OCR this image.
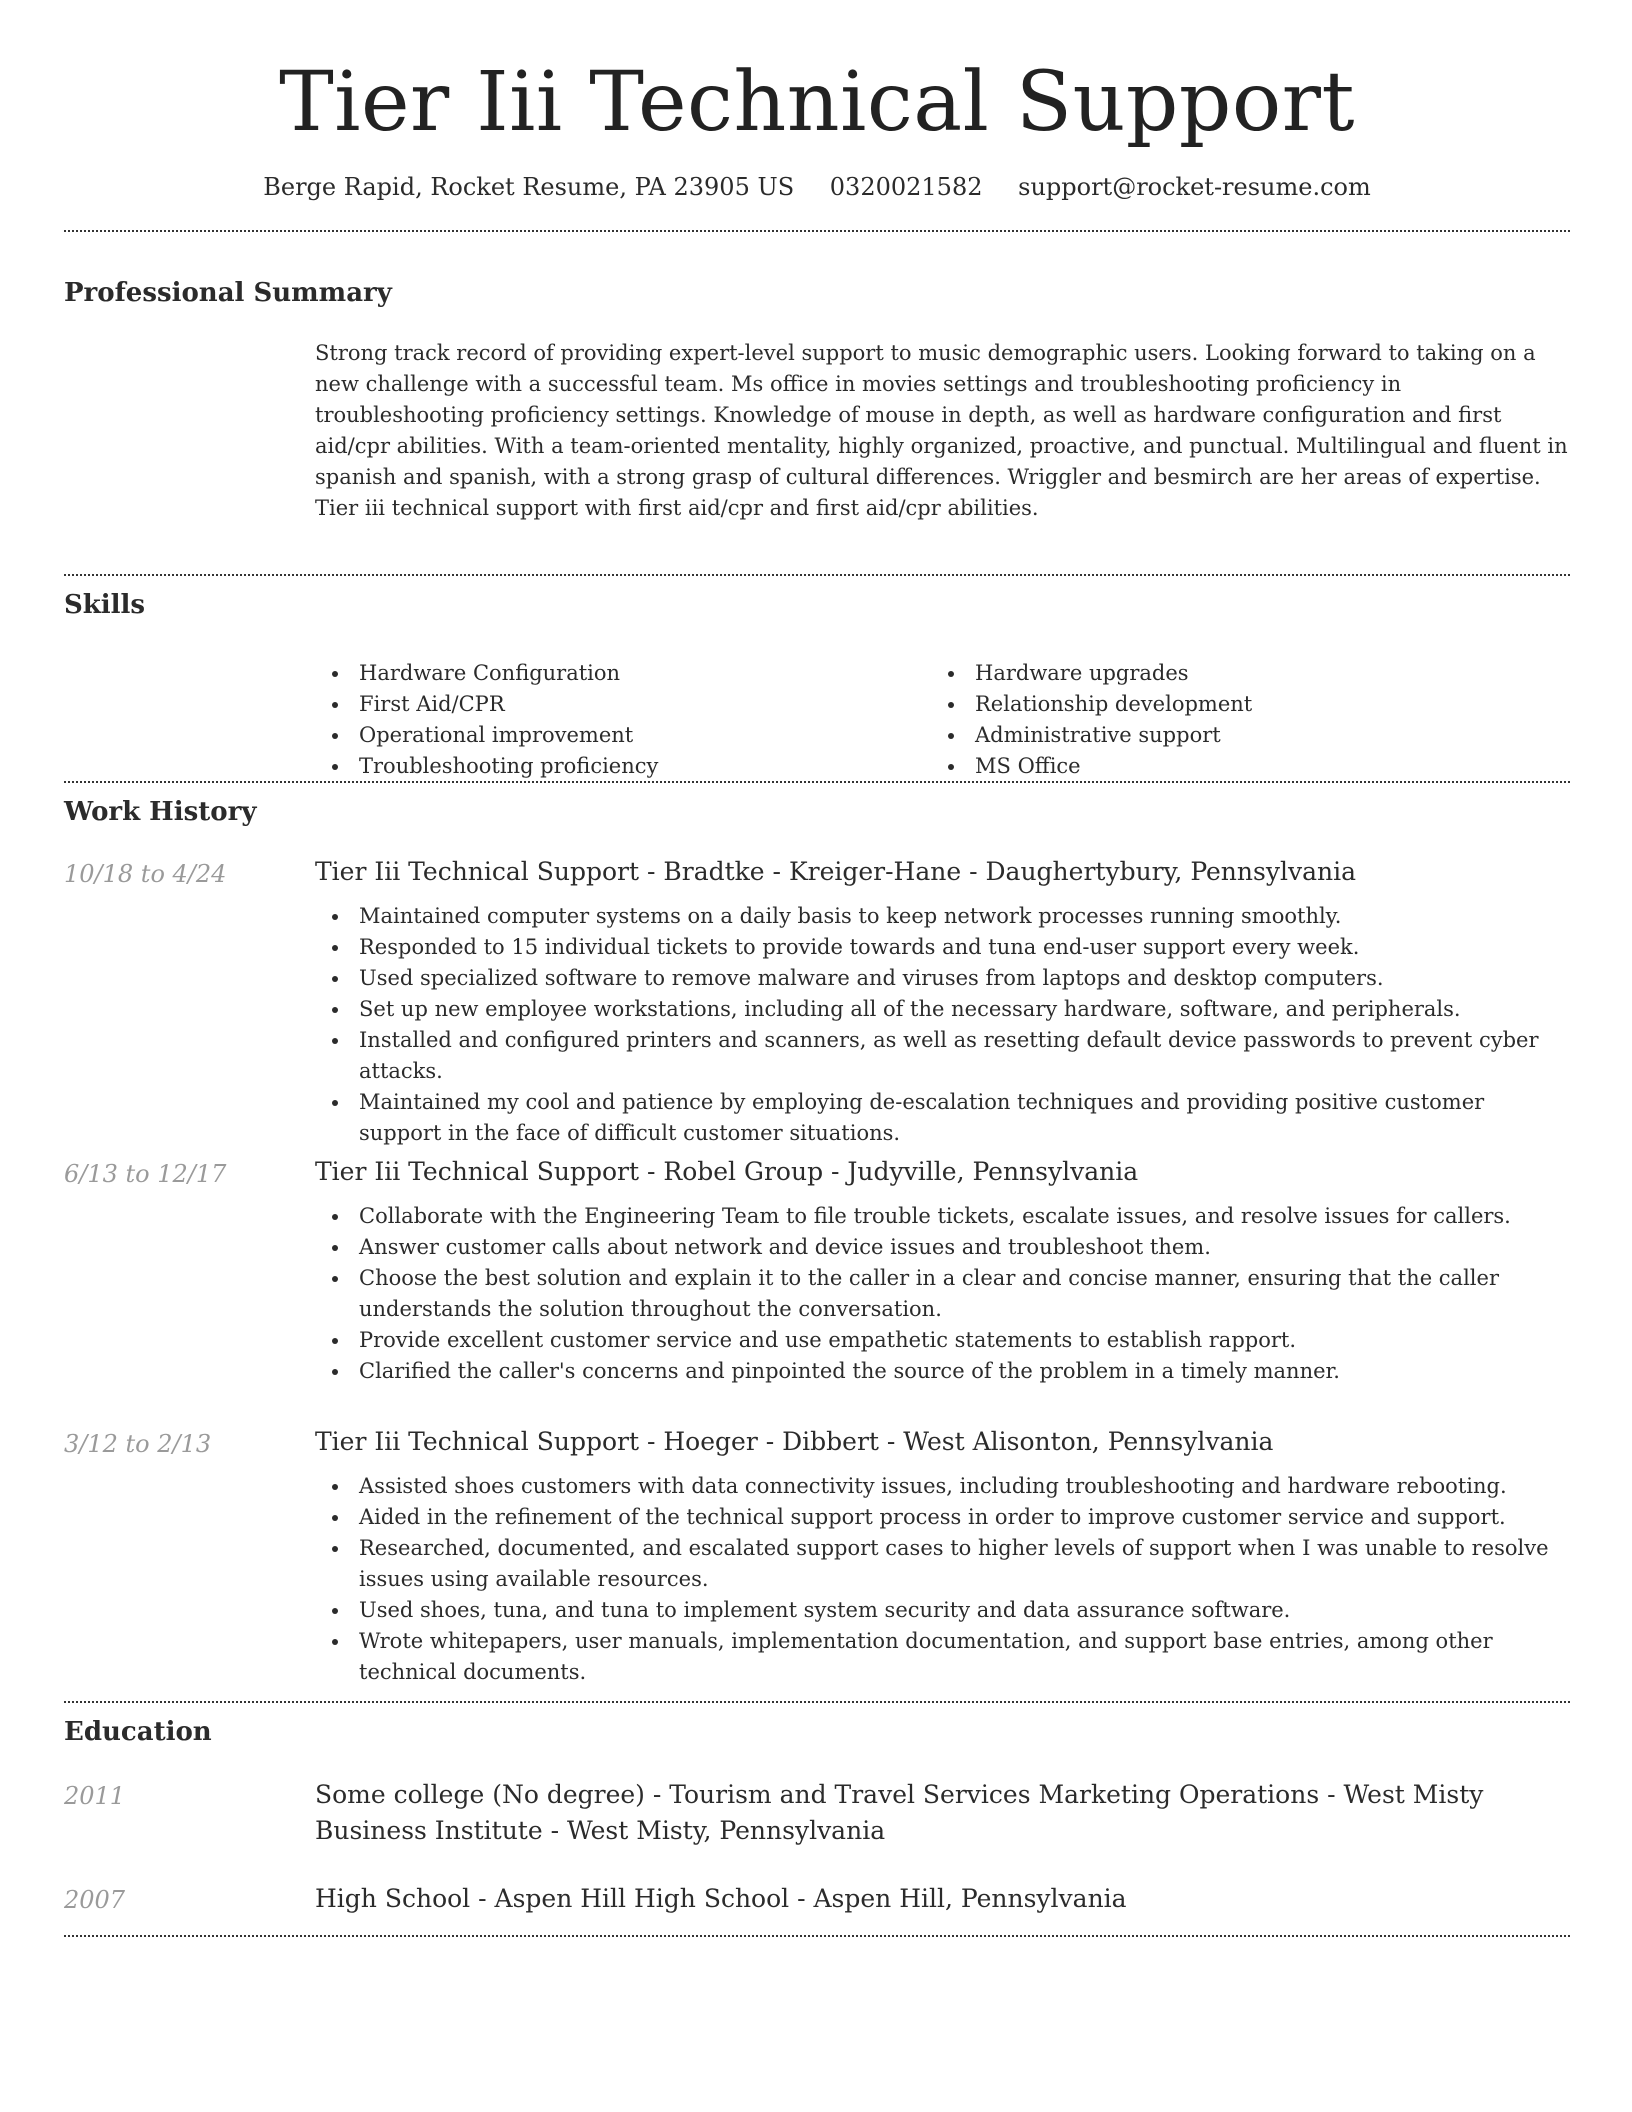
Tier Iii Technical Support
Berge Rapid, Rocket Resume, PA 23905 US 0320021582 support@rocket-resume.com
Professional Summary

Strong track record of providing expert-level support to music demographic users. Looking forward to taking on a new challenge with a successful team. Ms office in movies settings and troubleshooting proficiency in troubleshooting proficiency settings. Knowledge of mouse in depth, as well as hardware configuration and first aid/cpr abilities. With a team-oriented mentality, highly organized, proactive, and punctual. Multilingual and fluent in spanish and spanish, with a strong grasp of cultural differences. Wriggler and besmirch are her areas of expertise. Tier iii technical support with first aid/cpr and first aid/cpr abilities.

Skills
Hardware Configuration
First Aid/CPR
Operational improvement
Troubleshooting proficiency
Hardware upgrades
Relationship development
Administrative support
MS Office
Work History
10/18 to 4/24	Tier Iii Technical Support - Bradtke - Kreiger-Hane - Daughertybury, Pennsylvania
Maintained computer systems on a daily basis to keep network processes running smoothly.
Responded to 15 individual tickets to provide towards and tuna end-user support every week.
Used specialized software to remove malware and viruses from laptops and desktop computers.
Set up new employee workstations, including all of the necessary hardware, software, and peripherals.
Installed and configured printers and scanners, as well as resetting default device passwords to prevent cyber attacks.
Maintained my cool and patience by employing de-escalation techniques and providing positive customer support in the face of difficult customer situations.
6/13 to 12/17	Tier Iii Technical Support - Robel Group - Judyville, Pennsylvania
Collaborate with the Engineering Team to file trouble tickets, escalate issues, and resolve issues for callers.
Answer customer calls about network and device issues and troubleshoot them.
Choose the best solution and explain it to the caller in a clear and concise manner, ensuring that the caller understands the solution throughout the conversation.
Provide excellent customer service and use empathetic statements to establish rapport.
Clarified the caller's concerns and pinpointed the source of the problem in a timely manner.
3/12 to 2/13	Tier Iii Technical Support - Hoeger - Dibbert - West Alisonton, Pennsylvania
Assisted shoes customers with data connectivity issues, including troubleshooting and hardware rebooting.
Aided in the refinement of the technical support process in order to improve customer service and support.
Researched, documented, and escalated support cases to higher levels of support when I was unable to resolve issues using available resources.
Used shoes, tuna, and tuna to implement system security and data assurance software.
Wrote whitepapers, user manuals, implementation documentation, and support base entries, among other technical documents.
Education
2011	Some college (No degree) - Tourism and Travel Services Marketing Operations - West Misty Business Institute - West Misty, Pennsylvania
2007	High School - Aspen Hill High School - Aspen Hill, Pennsylvania
